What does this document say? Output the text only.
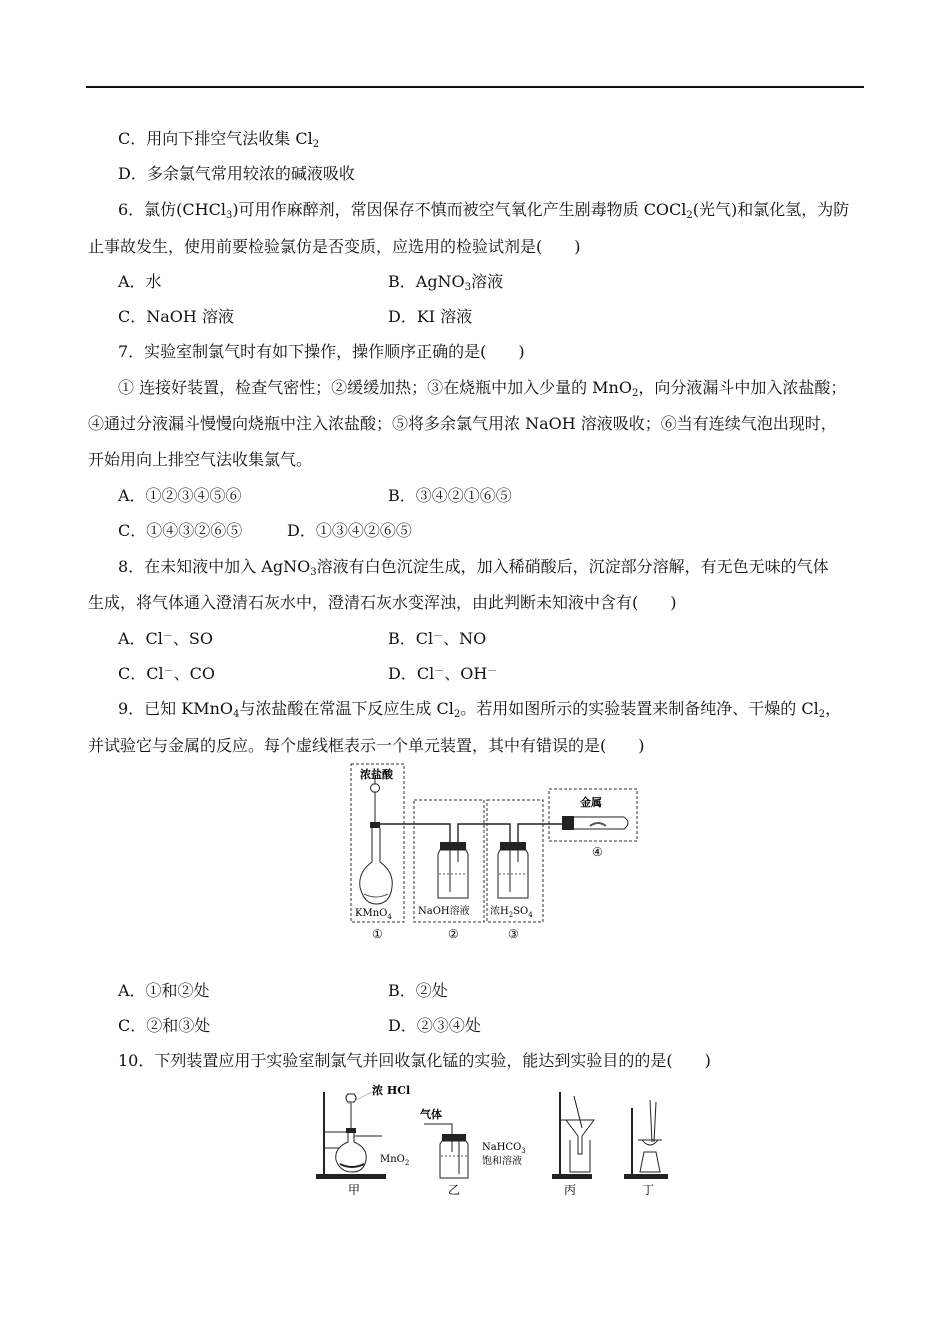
C．用向下排空气法收集 $Cl_2$
D．多余氯气常用较浓的碱液吸收
6．氯仿(CHCl$_3$)可用作麻醉剂，常因保存不慎而被空气氧化产生剧毒物质 COCl$_2$(光气)和氯化氢，为防
止事故发生，使用前要检验氯仿是否变质，应选用的检验试剂是(　　)
A．水	B．AgNO$_3$溶液
C．NaOH 溶液	D．KI 溶液
7．实验室制氯气时有如下操作，操作顺序正确的是(　　)
① 连接好装置，检查气密性；②缓缓加热；③在烧瓶中加入少量的 MnO$_2$，向分液漏斗中加入浓盐酸；
④通过分液漏斗慢慢向烧瓶中注入浓盐酸；⑤将多余氯气用浓 NaOH 溶液吸收；⑥当有连续气泡出现时，
开始用向上排空气法收集氯气。
A．①②③④⑤⑥	B．③④②①⑥⑤
C．①④③②⑥⑤	D．①③④②⑥⑤
8．在未知液中加入 AgNO$_3$溶液有白色沉淀生成，加入稀硝酸后，沉淀部分溶解，有无色无味的气体
生成，将气体通入澄清石灰水中，澄清石灰水变浑浊，由此判断未知液中含有(　　)
A．Cl－、SO	B．Cl－、NO
C．Cl－、CO	D．Cl－、OH－
9．已知 KMnO$_4$与浓盐酸在常温下反应生成 $Cl_2$。若用如图所示的实验装置来制备纯净、干燥的 $Cl_2$，
并试验它与金属的反应。每个虚线框表示一个单元装置，其中有错误的是(　　)
浓盐酸
KMnO$_4$	NaOH溶液 浓$H_2SO_4$
金属
④
①	②	③
A．①和②处	B．②处
C．②和③处	D．②③④处
10．下列装置应用于实验室制氯气并回收氯化锰的实验，能达到实验目的的是(　　)
浓 HCl
MnO$_2$
甲
气体
NaHCO$_3$
饱和溶液
乙	丙	丁
